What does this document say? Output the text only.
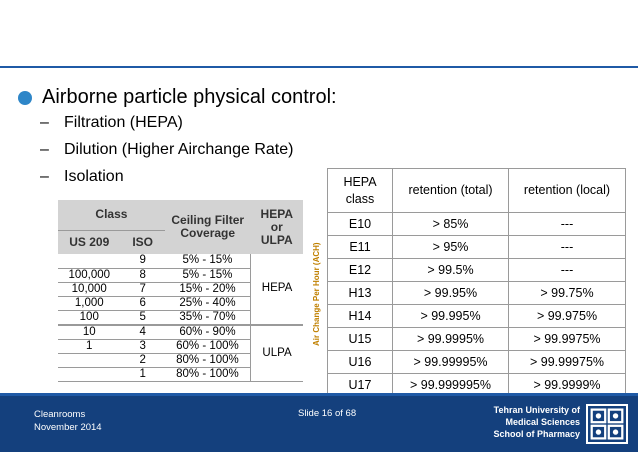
Airborne particle physical control:
– Filtration (HEPA)
– Dilution (Higher Airchange Rate)
– Isolation
Class		Ceiling Filter Coverage	HEPA or ULPA
US 209	ISO		
	9	5% - 15%	HEPA
100,000	8	5% - 15%	
10,000	7	15% - 20%	
1,000	6	25% - 40%	
100	5	35% - 70%	
10	4	60% - 90%	ULPA
1	3	60% - 100%	
	2	80% - 100%	
	1	80% - 100%	
Air Change Per Hour (ACH)
HEPA class	retention (total)	retention (local)
E10	> 85%	---
E11	> 95%	---
E12	> 99.5%	---
H13	> 99.95%	> 99.75%
H14	> 99.995%	> 99.975%
U15	> 99.9995%	> 99.9975%
U16	> 99.99995%	> 99.99975%
U17	> 99.999995%	> 99.9999%
Cleanrooms
November 2014
Slide 16 of 68	Tehran University of
Medical Sciences
School of Pharmacy
